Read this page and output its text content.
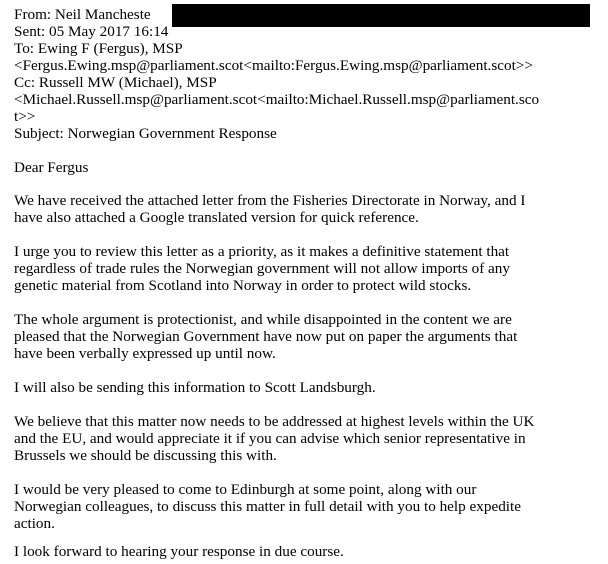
From: Neil Mancheste
Sent: 05 May 2017 16:14
To: Ewing F (Fergus), MSP
<Fergus.Ewing.msp@parliament.scot<mailto:Fergus.Ewing.msp@parliament.scot>>
Cc: Russell MW (Michael), MSP
<Michael.Russell.msp@parliament.scot<mailto:Michael.Russell.msp@parliament.sco
t>>
Subject: Norwegian Government Response
Dear Fergus
We have received the attached letter from the Fisheries Directorate in Norway, and I
have also attached a Google translated version for quick reference.
I urge you to review this letter as a priority, as it makes a definitive statement that
regardless of trade rules the Norwegian government will not allow imports of any
genetic material from Scotland into Norway in order to protect wild stocks.
The whole argument is protectionist, and while disappointed in the content we are
pleased that the Norwegian Government have now put on paper the arguments that
have been verbally expressed up until now.
I will also be sending this information to Scott Landsburgh.
We believe that this matter now needs to be addressed at highest levels within the UK
and the EU, and would appreciate it if you can advise which senior representative in
Brussels we should be discussing this with.
I would be very pleased to come to Edinburgh at some point, along with our
Norwegian colleagues, to discuss this matter in full detail with you to help expedite
action.
I look forward to hearing your response in due course.
